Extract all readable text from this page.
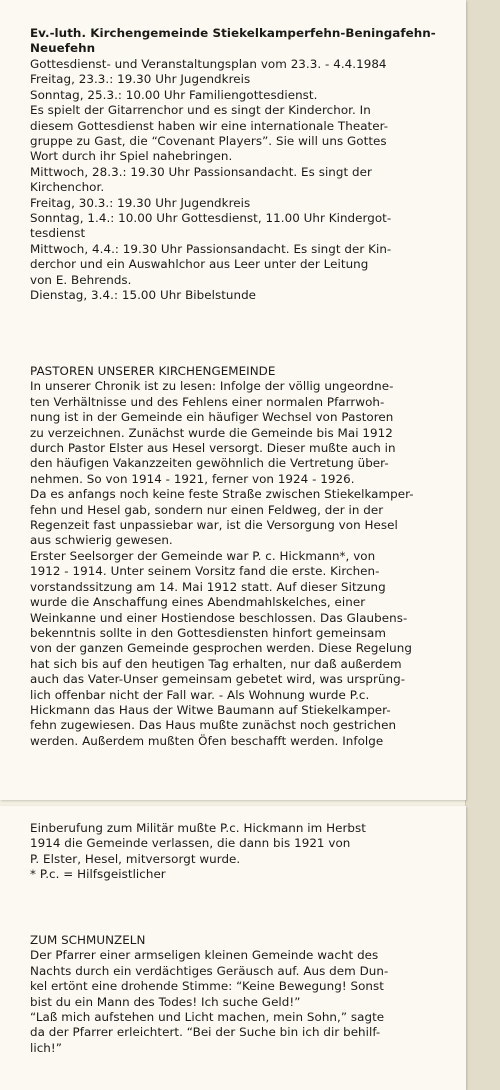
Ev.-luth. Kirchengemeinde Stiekelkamperfehn-Beningafehn-
Neuefehn
Gottesdienst- und Veranstaltungsplan vom 23.3. - 4.4.1984
Freitag, 23.3.: 19.30 Uhr Jugendkreis
Sonntag, 25.3.: 10.00 Uhr Familiengottesdienst.
Es spielt der Gitarrenchor und es singt der Kinderchor. In
diesem Gottesdienst haben wir eine internationale Theater-
gruppe zu Gast, die “Covenant Players”. Sie will uns Gottes
Wort durch ihr Spiel nahebringen.
Mittwoch, 28.3.: 19.30 Uhr Passionsandacht. Es singt der
Kirchenchor.
Freitag, 30.3.: 19.30 Uhr Jugendkreis
Sonntag, 1.4.: 10.00 Uhr Gottesdienst, 11.00 Uhr Kindergot-
tesdienst
Mittwoch, 4.4.: 19.30 Uhr Passionsandacht. Es singt der Kin-
derchor und ein Auswahlchor aus Leer unter der Leitung
von E. Behrends.
Dienstag, 3.4.: 15.00 Uhr Bibelstunde
PASTOREN UNSERER KIRCHENGEMEINDE
In unserer Chronik ist zu lesen: Infolge der völlig ungeordne-
ten Verhältnisse und des Fehlens einer normalen Pfarrwoh-
nung ist in der Gemeinde ein häufiger Wechsel von Pastoren
zu verzeichnen. Zunächst wurde die Gemeinde bis Mai 1912
durch Pastor Elster aus Hesel versorgt. Dieser mußte auch in
den häufigen Vakanzzeiten gewöhnlich die Vertretung über-
nehmen. So von 1914 - 1921, ferner von 1924 - 1926.
Da es anfangs noch keine feste Straße zwischen Stiekelkamper-
fehn und Hesel gab, sondern nur einen Feldweg, der in der
Regenzeit fast unpassiebar war, ist die Versorgung von Hesel
aus schwierig gewesen.
Erster Seelsorger der Gemeinde war P. c. Hickmann*, von
1912 - 1914. Unter seinem Vorsitz fand die erste. Kirchen-
vorstandssitzung am 14. Mai 1912 statt. Auf dieser Sitzung
wurde die Anschaffung eines Abendmahlskelches, einer
Weinkanne und einer Hostiendose beschlossen. Das Glaubens-
bekenntnis sollte in den Gottesdiensten hinfort gemeinsam
von der ganzen Gemeinde gesprochen werden. Diese Regelung
hat sich bis auf den heutigen Tag erhalten, nur daß außerdem
auch das Vater-Unser gemeinsam gebetet wird, was ursprüng-
lich offenbar nicht der Fall war. - Als Wohnung wurde P.c.
Hickmann das Haus der Witwe Baumann auf Stiekelkamper-
fehn zugewiesen. Das Haus mußte zunächst noch gestrichen
werden. Außerdem mußten Öfen beschafft werden. Infolge
Einberufung zum Militär mußte P.c. Hickmann im Herbst
1914 die Gemeinde verlassen, die dann bis 1921 von
P. Elster, Hesel, mitversorgt wurde.
* P.c. = Hilfsgeistlicher
ZUM SCHMUNZELN
Der Pfarrer einer armseligen kleinen Gemeinde wacht des
Nachts durch ein verdächtiges Geräusch auf. Aus dem Dun-
kel ertönt eine drohende Stimme: “Keine Bewegung! Sonst
bist du ein Mann des Todes! Ich suche Geld!”
“Laß mich aufstehen und Licht machen, mein Sohn,” sagte
da der Pfarrer erleichtert. “Bei der Suche bin ich dir behilf-
lich!”
